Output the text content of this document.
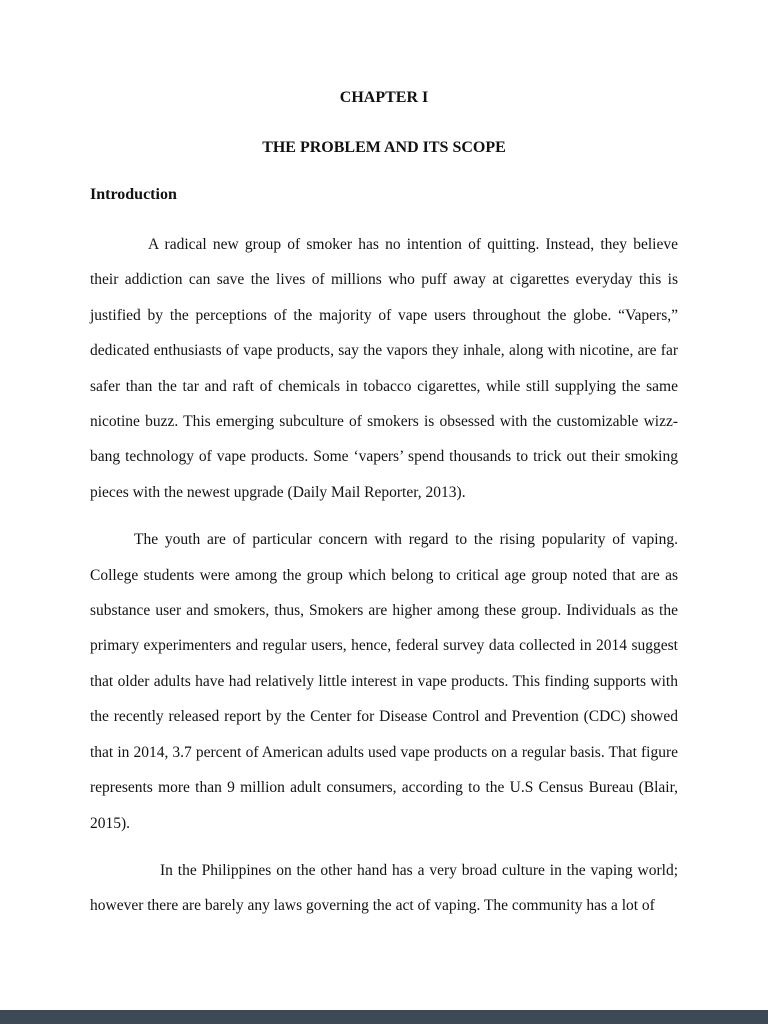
CHAPTER I
THE PROBLEM AND ITS SCOPE
Introduction

A radical new group of smoker has no intention of quitting. Instead, they believe their addiction can save the lives of millions who puff away at cigarettes everyday this is justified by the perceptions of the majority of vape users throughout the globe. “Vapers,” dedicated enthusiasts of vape products, say the vapors they inhale, along with nicotine, are far safer than the tar and raft of chemicals in tobacco cigarettes, while still supplying the same nicotine buzz. This emerging subculture of smokers is obsessed with the customizable wizz-bang technology of vape products. Some ‘vapers’ spend thousands to trick out their smoking pieces with the newest upgrade (Daily Mail Reporter, 2013).

The youth are of particular concern with regard to the rising popularity of vaping. College students were among the group which belong to critical age group noted that are as substance user and smokers, thus, Smokers are higher among these group. Individuals as the primary experimenters and regular users, hence, federal survey data collected in 2014 suggest that older adults have had relatively little interest in vape products. This finding supports with the recently released report by the Center for Disease Control and Prevention (CDC) showed that in 2014, 3.7 percent of American adults used vape products on a regular basis. That figure represents more than 9 million adult consumers, according to the U.S Census Bureau (Blair, 2015).

In the Philippines on the other hand has a very broad culture in the vaping world; however there are barely any laws governing the act of vaping. The community has a lot of
